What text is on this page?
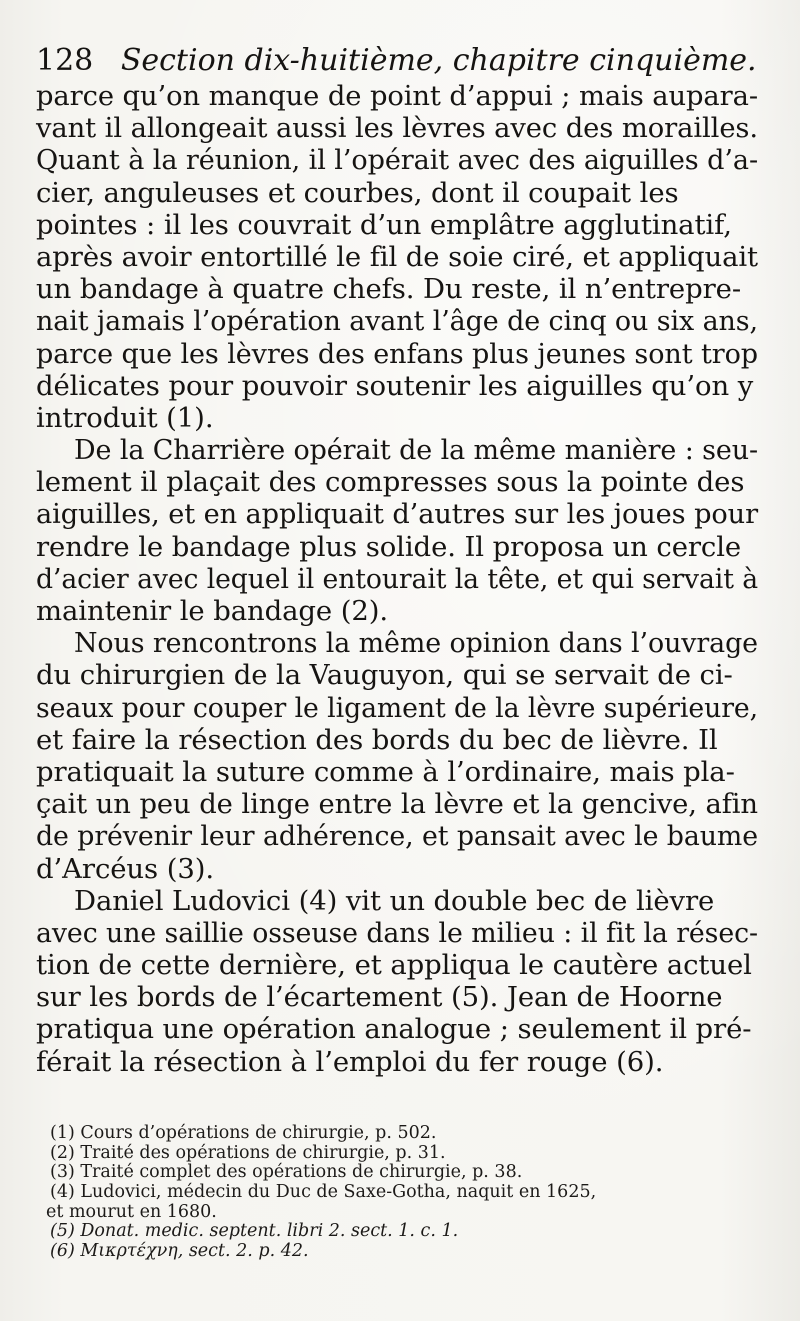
128 Section dix-huitième, chapitre cinquième.
parce qu’on manque de point d’appui ; mais aupara-
vant il allongeait aussi les lèvres avec des morailles.
Quant à la réunion, il l’opérait avec des aiguilles d’a-
cier, anguleuses et courbes, dont il coupait les
pointes : il les couvrait d’un emplâtre agglutinatif,
après avoir entortillé le fil de soie ciré, et appliquait
un bandage à quatre chefs. Du reste, il n’entrepre-
nait jamais l’opération avant l’âge de cinq ou six ans,
parce que les lèvres des enfans plus jeunes sont trop
délicates pour pouvoir soutenir les aiguilles qu’on y
introduit (1).
De la Charrière opérait de la même manière : seu-
lement il plaçait des compresses sous la pointe des
aiguilles, et en appliquait d’autres sur les joues pour
rendre le bandage plus solide. Il proposa un cercle
d’acier avec lequel il entourait la tête, et qui servait à
maintenir le bandage (2).
Nous rencontrons la même opinion dans l’ouvrage
du chirurgien de la Vauguyon, qui se servait de ci-
seaux pour couper le ligament de la lèvre supérieure,
et faire la résection des bords du bec de lièvre. Il
pratiquait la suture comme à l’ordinaire, mais pla-
çait un peu de linge entre la lèvre et la gencive, afin
de prévenir leur adhérence, et pansait avec le baume
d’Arcéus (3).
Daniel Ludovici (4) vit un double bec de lièvre
avec une saillie osseuse dans le milieu : il fit la résec-
tion de cette dernière, et appliqua le cautère actuel
sur les bords de l’écartement (5). Jean de Hoorne
pratiqua une opération analogue ; seulement il pré-
férait la résection à l’emploi du fer rouge (6).
(1) Cours d’opérations de chirurgie, p. 502.
(2) Traité des opérations de chirurgie, p. 31.
(3) Traité complet des opérations de chirurgie, p. 38.
(4) Ludovici, médecin du Duc de Saxe-Gotha, naquit en 1625,
et mourut en 1680.
(5) Donat. medic. septent. libri 2. sect. 1. c. 1.
(6) Μικρτέχνη, sect. 2. p. 42.
